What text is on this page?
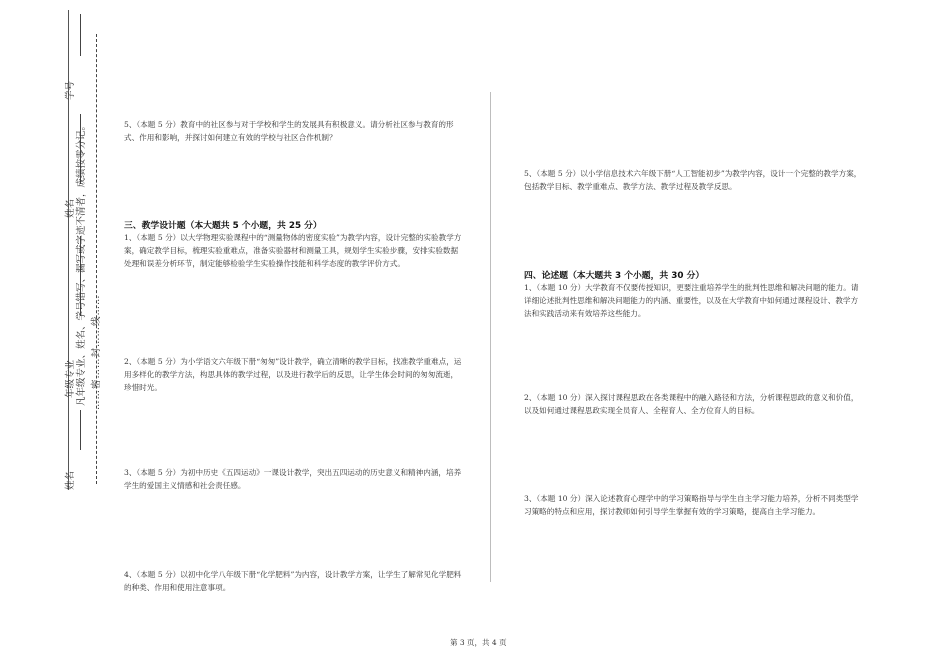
学号
姓名
年级专业
姓名
凡年级专业、姓名、学号错写、漏写或字迹不清者，成绩按零分记。 ……密……封……线……
5、（本题 5 分）教育中的社区参与对于学校和学生的发展具有积极意义。请分析社区参与教育的形式、作用和影响，并探讨如何建立有效的学校与社区合作机制？
三、教学设计题（本大题共 5 个小题，共 25 分）
1、（本题 5 分）以大学物理实验课程中的“测量物体的密度实验”为教学内容，设计完整的实验教学方案，确定教学目标，梳理实验重难点，准备实验器材和测量工具，规划学生实验步骤，安排实验数据处理和误差分析环节，制定能够检验学生实验操作技能和科学态度的教学评价方式。
2、（本题 5 分）为小学语文六年级下册“匆匆”设计教学，确立清晰的教学目标，找准教学重难点，运用多样化的教学方法，构思具体的教学过程，以及进行教学后的反思，让学生体会时间的匆匆流逝，珍惜时光。
3、（本题 5 分）为初中历史《五四运动》一课设计教学，突出五四运动的历史意义和精神内涵，培养学生的爱国主义情感和社会责任感。
4、（本题 5 分）以初中化学八年级下册“化学肥料”为内容，设计教学方案，让学生了解常见化学肥料的种类、作用和使用注意事项。
5、（本题 5 分）以小学信息技术六年级下册“人工智能初步”为教学内容，设计一个完整的教学方案，包括教学目标、教学重难点、教学方法、教学过程及教学反思。
四、论述题（本大题共 3 个小题，共 30 分）
1、（本题 10 分）大学教育不仅要传授知识，更要注重培养学生的批判性思维和解决问题的能力。请详细论述批判性思维和解决问题能力的内涵、重要性，以及在大学教育中如何通过课程设计、教学方法和实践活动来有效培养这些能力。
2、（本题 10 分）深入探讨课程思政在各类课程中的融入路径和方法，分析课程思政的意义和价值，以及如何通过课程思政实现全员育人、全程育人、全方位育人的目标。
3、（本题 10 分）深入论述教育心理学中的学习策略指导与学生自主学习能力培养，分析不同类型学习策略的特点和应用，探讨教师如何引导学生掌握有效的学习策略，提高自主学习能力。
第 3 页，共 4 页
